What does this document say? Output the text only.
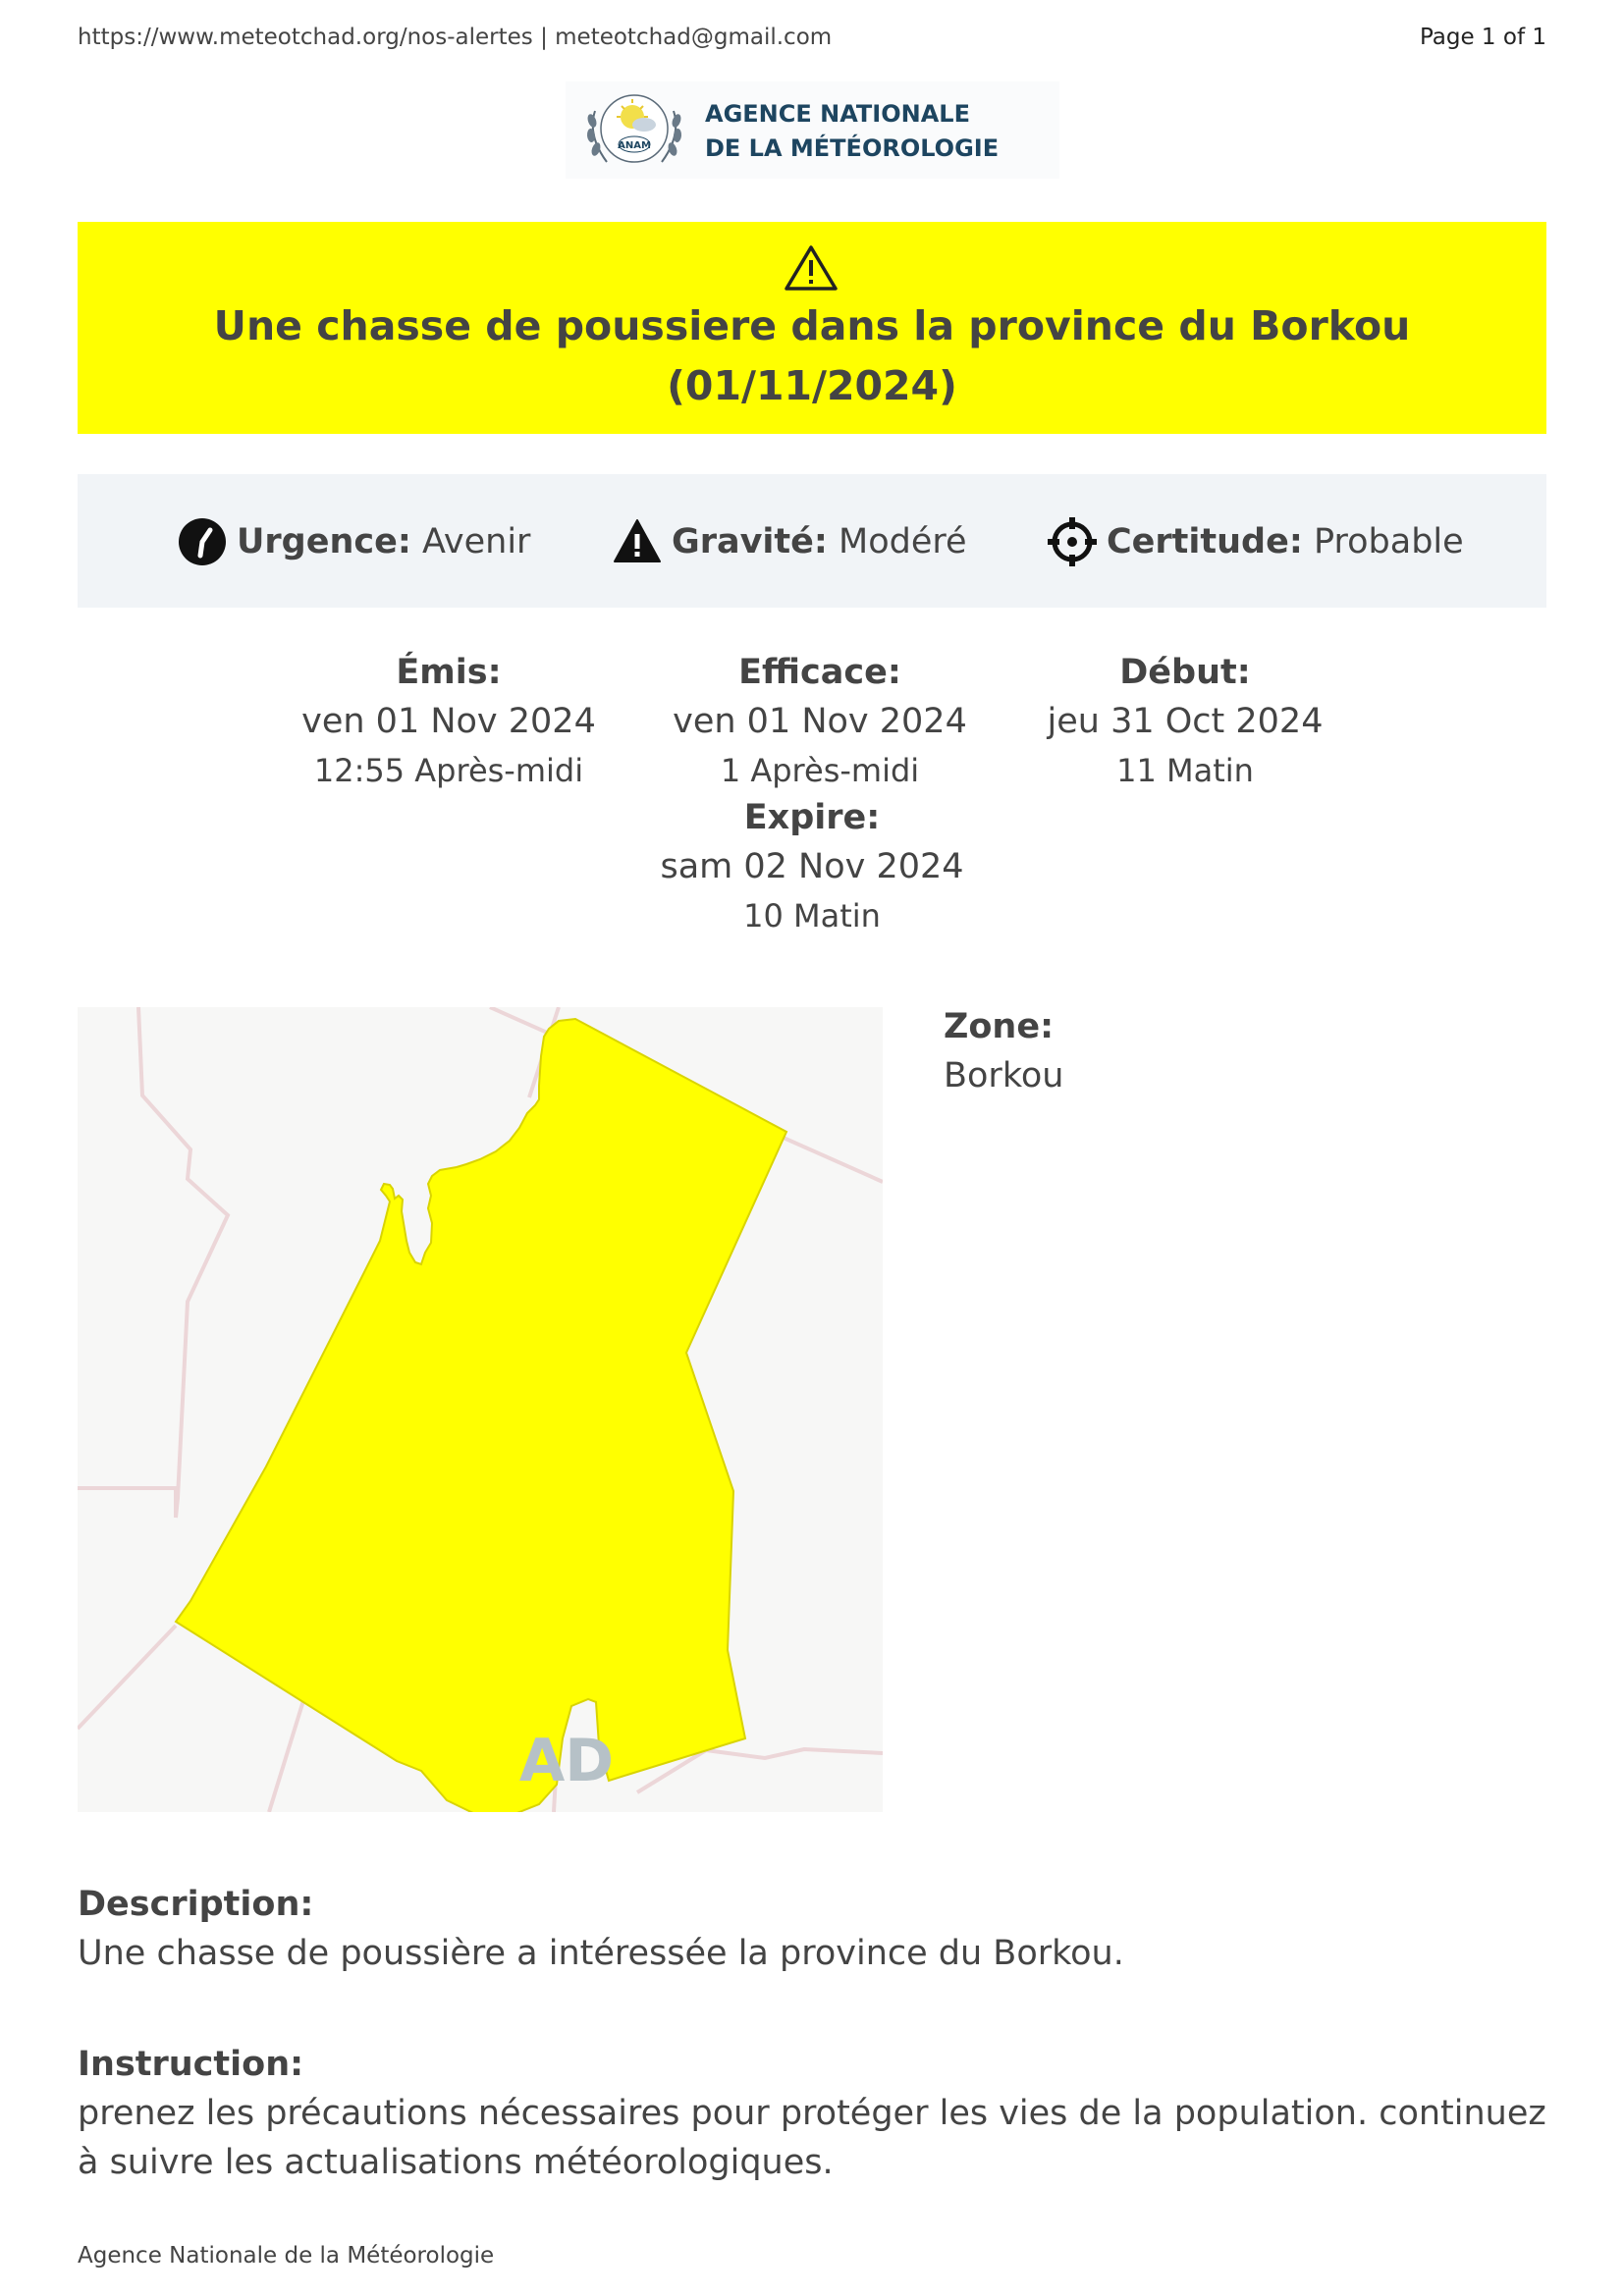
https://www.meteotchad.org/nos-alertes | meteotchad@gmail.com	Page 1 of 1
ANAM
AGENCE NATIONALE
DE LA MÉTÉOROLOGIE
Une chasse de poussiere dans la province du Borkou
(01/11/2024)
Urgence: Avenir	Gravité: Modéré	Certitude: Probable
Émis:
ven 01 Nov 2024
12:55 Après-midi
Efficace:
ven 01 Nov 2024
1 Après-midi
Début:
jeu 31 Oct 2024
11 Matin
Expire:
sam 02 Nov 2024
10 Matin
AD
Zone:
Borkou
Description:
Une chasse de poussière a intéressée la province du Borkou.
Instruction:
prenez les précautions nécessaires pour protéger les vies de la population. continuez à suivre les actualisations météorologiques.
Agence Nationale de la Météorologie
